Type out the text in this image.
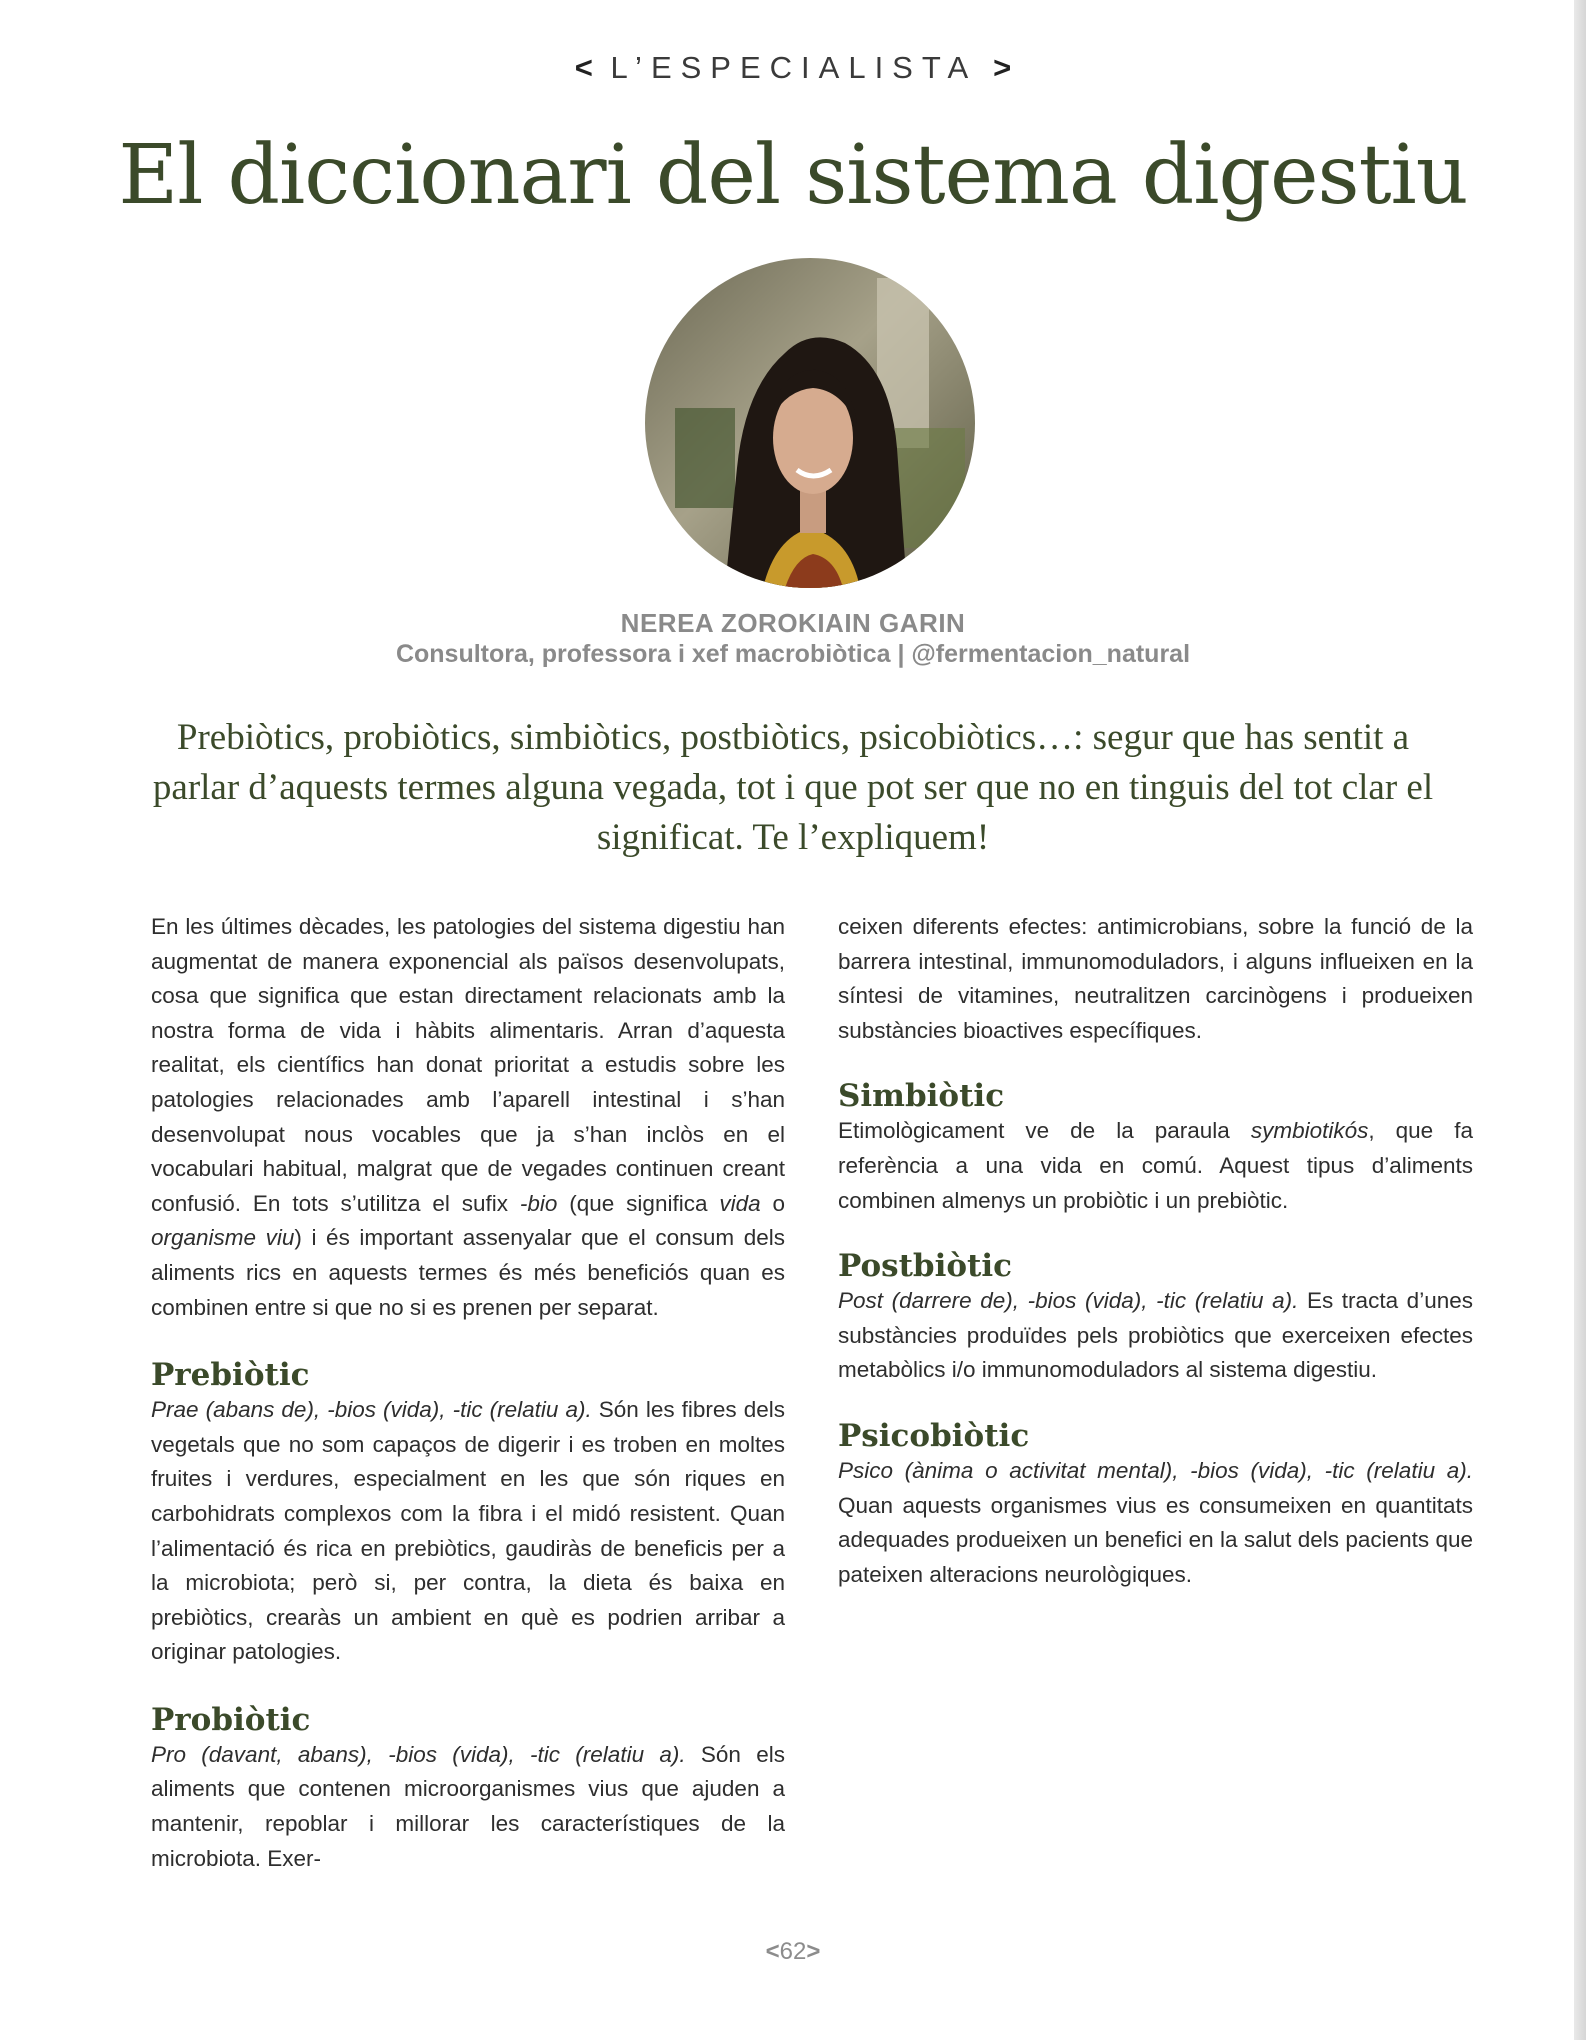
< L’ESPECIALISTA >
El diccionari del sistema digestiu
NEREA ZOROKIAIN GARIN
Consultora, professora i xef macrobiòtica | @fermentacion_natural

Prebiòtics, probiòtics, simbiòtics, postbiòtics, psicobiòtics…: segur que has sentit a parlar d’aquests termes alguna vegada, tot i que pot ser que no en tinguis del tot clar el significat. Te l’expliquem!

En les últimes dècades, les patologies del sistema digestiu han augmentat de manera exponencial als països desenvolupats, cosa que significa que estan directament relacionats amb la nostra forma de vida i hàbits alimentaris. Arran d’aquesta realitat, els científics han donat prioritat a estudis sobre les patologies relacionades amb l’aparell intestinal i s’han desenvolupat nous vocables que ja s’han inclòs en el vocabulari habitual, malgrat que de vegades continuen creant confusió. En tots s’utilitza el sufix -bio (que significa vida o organisme viu) i és important assenyalar que el consum dels aliments rics en aquests termes és més beneficiós quan es combinen entre si que no si es prenen per separat.

Prebiòtic

Prae (abans de), -bios (vida), -tic (relatiu a). Són les fibres dels vegetals que no som capaços de digerir i es troben en moltes fruites i verdures, especialment en les que són riques en carbohidrats complexos com la fibra i el midó resistent. Quan l’alimentació és rica en prebiòtics, gaudiràs de beneficis per a la microbiota; però si, per contra, la dieta és baixa en prebiòtics, crearàs un ambient en què es podrien arribar a originar patologies.

Probiòtic

Pro (davant, abans), -bios (vida), -tic (relatiu a). Són els aliments que contenen microorganismes vius que ajuden a mantenir, repoblar i millorar les característiques de la microbiota. Exer-

ceixen diferents efectes: antimicrobians, sobre la funció de la barrera intestinal, immunomoduladors, i alguns influeixen en la síntesi de vitamines, neutralitzen carcinògens i produeixen substàncies bioactives específiques.

Simbiòtic

Etimològicament ve de la paraula symbiotikós, que fa referència a una vida en comú. Aquest tipus d’aliments combinen almenys un probiòtic i un prebiòtic.

Postbiòtic

Post (darrere de), -bios (vida), -tic (relatiu a). Es tracta d’unes substàncies produïdes pels probiòtics que exerceixen efectes metabòlics i/o immunomoduladors al sistema digestiu.

Psicobiòtic

Psico (ànima o activitat mental), -bios (vida), -tic (relatiu a). Quan aquests organismes vius es consumeixen en quantitats adequades produeixen un benefici en la salut dels pacients que pateixen alteracions neurològiques.

<62>
